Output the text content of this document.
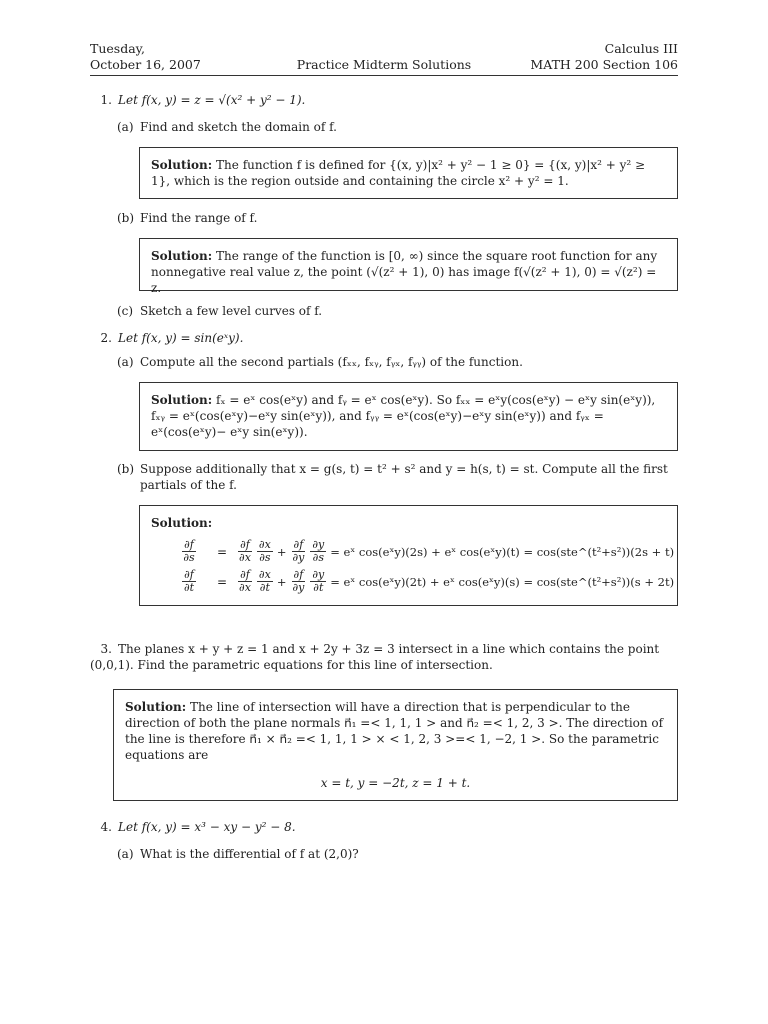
Tuesday,
October 16, 2007	Practice Midterm Solutions
Calculus III
MATH 200 Section 106
1. Let f(x, y) = z = √(x² + y² − 1).
(a) Find and sketch the domain of f.
Solution: The function f is defined for {(x, y)|x² + y² − 1 ≥ 0} = {(x, y)|x² + y² ≥ 1}, which is the region outside and containing the circle x² + y² = 1.
(b) Find the range of f.
Solution: The range of the function is [0, ∞) since the square root function for any nonnegative real value z, the point (√(z² + 1), 0) has image f(√(z² + 1), 0) = √(z²) = z.
(c) Sketch a few level curves of f.
2. Let f(x, y) = sin(eˣy).
(a) Compute all the second partials (fₓₓ, fₓᵧ, fᵧₓ, fᵧᵧ) of the function.
Solution: fₓ = eˣ cos(eˣy) and fᵧ = eˣ cos(eˣy). So fₓₓ = eˣy(cos(eˣy) − eˣy sin(eˣy)), fₓᵧ = eˣ(cos(eˣy)−eˣy sin(eˣy)), and fᵧᵧ = eˣ(cos(eˣy)−eˣy sin(eˣy)) and fᵧₓ = eˣ(cos(eˣy)− eˣy sin(eˣy)).
(b) Suppose additionally that x = g(s, t) = t² + s² and y = h(s, t) = st. Compute all the first partials of the f.
Solution:
$\frac{\partial f}{\partial s} = \frac{\partial f}{\partial x} \frac{\partial x}{\partial s} + \frac{\partial f}{\partial y} \frac{\partial y}{\partial s}$ = eˣ cos(eˣy)(2s) + eˣ cos(eˣy)(t) = cos(ste^(t²+s²))(2s + t)
$\frac{\partial f}{\partial t} = \frac{\partial f}{\partial x} \frac{\partial x}{\partial t} + \frac{\partial f}{\partial y} \frac{\partial y}{\partial t}$ = eˣ cos(eˣy)(2t) + eˣ cos(eˣy)(s) = cos(ste^(t²+s²))(s + 2t)
3. The planes x + y + z = 1 and x + 2y + 3z = 3 intersect in a line which contains the point (0,0,1). Find the parametric equations for this line of intersection.
Solution: The line of intersection will have a direction that is perpendicular to the direction of both the plane normals n⃗₁ =< 1, 1, 1 > and n⃗₂ =< 1, 2, 3 >. The direction of the line is therefore n⃗₁ × n⃗₂ =< 1, 1, 1 > × < 1, 2, 3 >=< 1, −2, 1 >. So the parametric equations are
x = t, y = −2t, z = 1 + t.
4. Let f(x, y) = x³ − xy − y² − 8.
(a) What is the differential of f at (2,0)?
